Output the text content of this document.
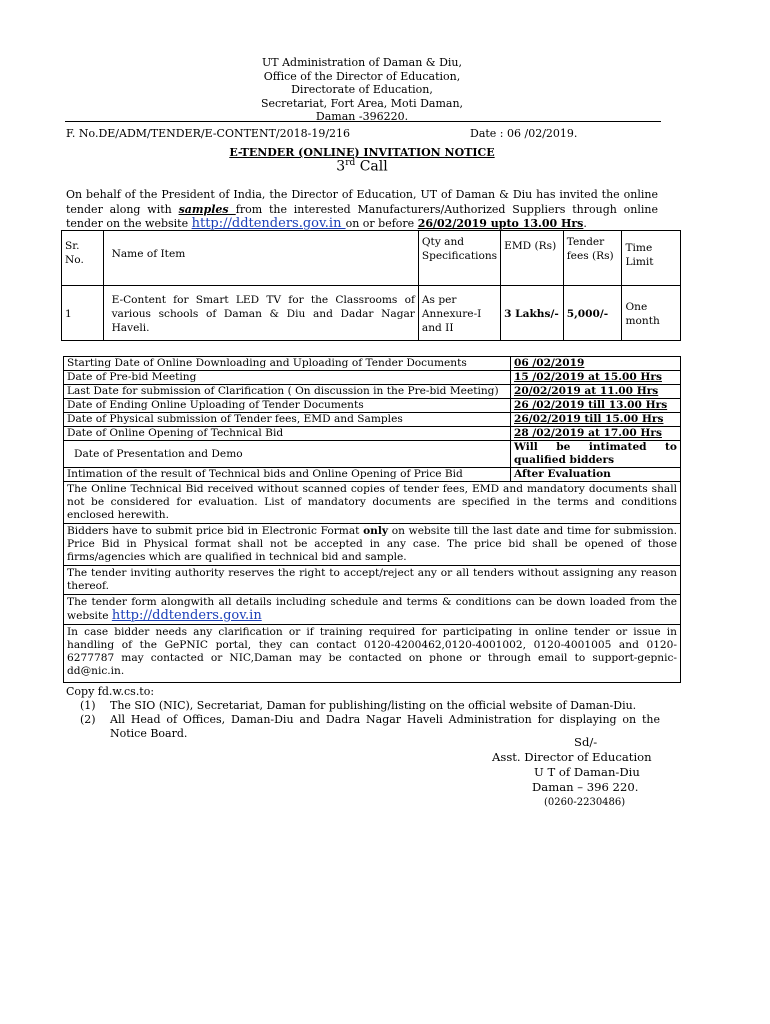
UT Administration of Daman & Diu,
Office of the Director of Education,
Directorate of Education,
Secretariat, Fort Area, Moti Daman,
Daman -396220.
F. No.DE/ADM/TENDER/E-CONTENT/2018-19/216	Date : 06 /02/2019.
E-TENDER (ONLINE) INVITATION NOTICE
3rd Call
On behalf of the President of India, the Director of Education, UT of Daman & Diu has invited the online tender along with samples from the interested Manufacturers/Authorized Suppliers through online tender on the website http://ddtenders.gov.in on or before 26/02/2019 upto 13.00 Hrs.
Sr. No.	Name of Item	Qty and Specifications	EMD (Rs)	Tender fees (Rs)	Time Limit
1	E-Content for Smart LED TV for the Classrooms of various schools of Daman & Diu and Dadar Nagar Haveli.	As per Annexure-I and II	3 Lakhs/-	5,000/-	One month
Starting Date of Online Downloading and Uploading of Tender Documents	06 /02/2019
Date of Pre-bid Meeting	15 /02/2019 at 15.00 Hrs
Last Date for submission of Clarification ( On discussion in the Pre-bid Meeting)	20/02/2019 at 11.00 Hrs
Date of Ending Online Uploading of Tender Documents	26 /02/2019 till 13.00 Hrs
Date of Physical submission of Tender fees, EMD and Samples	26/02/2019 till 15.00 Hrs
Date of Online Opening of Technical Bid	28 /02/2019 at 17.00 Hrs
Date of Presentation and Demo	Will be intimated to qualified bidders
Intimation of the result of Technical bids and Online Opening of Price Bid	After Evaluation
The Online Technical Bid received without scanned copies of tender fees, EMD and mandatory documents shall not be considered for evaluation. List of mandatory documents are specified in the terms and conditions enclosed herewith.	
Bidders have to submit price bid in Electronic Format only on website till the last date and time for submission. Price Bid in Physical format shall not be accepted in any case. The price bid shall be opened of those firms/agencies which are qualified in technical bid and sample.	
The tender inviting authority reserves the right to accept/reject any or all tenders without assigning any reason thereof.	
The tender form alongwith all details including schedule and terms & conditions can be down loaded from the website http://ddtenders.gov.in	
In case bidder needs any clarification or if training required for participating in online tender or issue in handling of the GePNIC portal, they can contact 0120-4200462,0120-4001002, 0120-4001005 and 0120-6277787 may contacted or NIC,Daman may be contacted on phone or through email to support-gepnic-dd@nic.in.	
Copy fd.w.cs.to:
(1)	The SIO (NIC), Secretariat, Daman for publishing/listing on the official website of Daman-Diu.
(2)	All Head of Offices, Daman-Diu and Dadra Nagar Haveli Administration for displaying on the Notice Board.
Sd/-
Asst. Director of Education
U T of Daman-Diu
Daman – 396 220.
(0260-2230486)
